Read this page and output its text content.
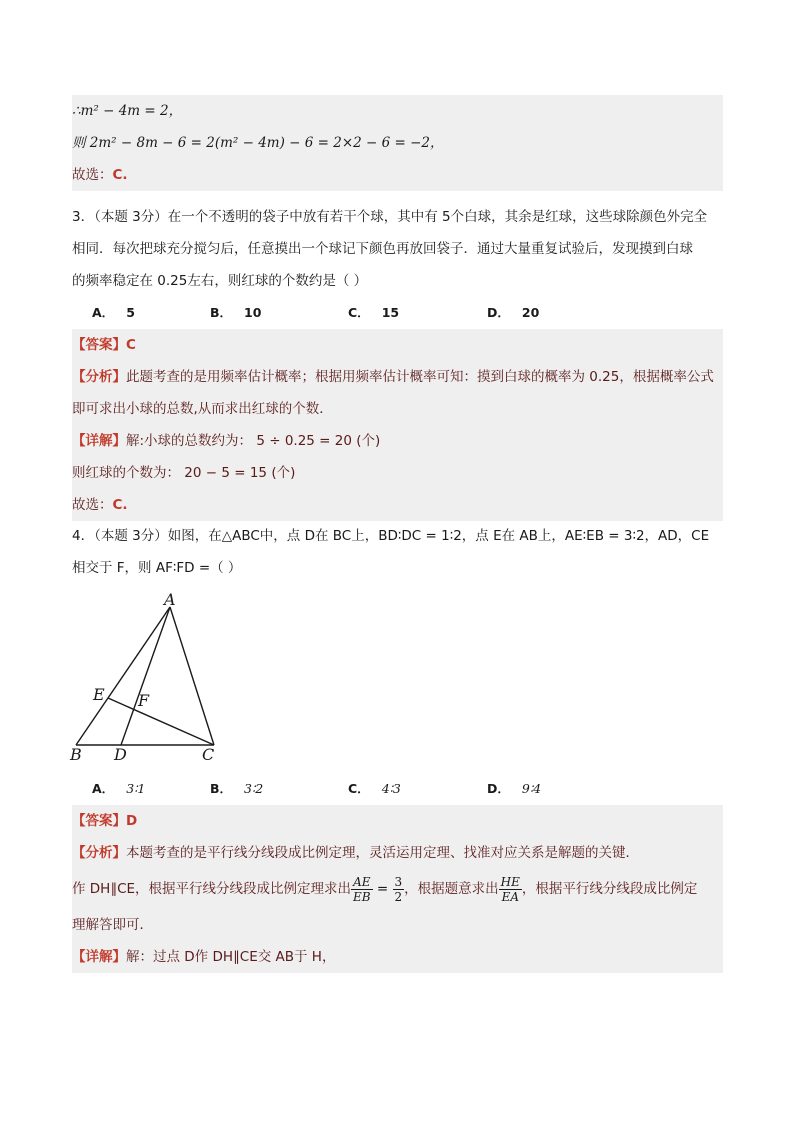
∴m² − 4m = 2，
则 2m² − 8m − 6 = 2(m² − 4m) − 6 = 2×2 − 6 = −2，
故选：C.
3．（本题 3分）在一个不透明的袋子中放有若干个球，其中有 5个白球，其余是红球，这些球除颜色外完全
相同．每次把球充分搅匀后，任意摸出一个球记下颜色再放回袋子．通过大量重复试验后，发现摸到白球
的频率稳定在 0.25左右，则红球的个数约是（ ）
A． 5	B． 10	C． 15	D． 20
【答案】C
【分析】此题考查的是用频率估计概率；根据用频率估计概率可知：摸到白球的概率为 0.25，根据概率公式
即可求出小球的总数,从而求出红球的个数．
【详解】解:小球的总数约为： 5 ÷ 0.25 = 20 (个)
则红球的个数为： 20 − 5 = 15 (个)
故选：C.
4．（本题 3分）如图，在△ABC中，点 D在 BC上，BD∶DC = 1∶2，点 E在 AB上，AE∶EB = 3∶2，AD，CE
相交于 F，则 AF∶FD =（ ）
A
B D	C
E F
A． 3∶1	B． 3∶2	C． 4∶3	D． 9∶4
【答案】D
【分析】本题考查的是平行线分线段成比例定理，灵活运用定理、找准对应关系是解题的关键．
作 DH∥CE，根据平行线分线段成比例定理求出 $\frac{AE}{EB} = \frac{3}{2}$ ，根据题意求出 $\frac{HE}{EA}$ ，根据平行线分线段成比例定
理解答即可．
【详解】解：过点 D作 DH∥CE交 AB于 H，
